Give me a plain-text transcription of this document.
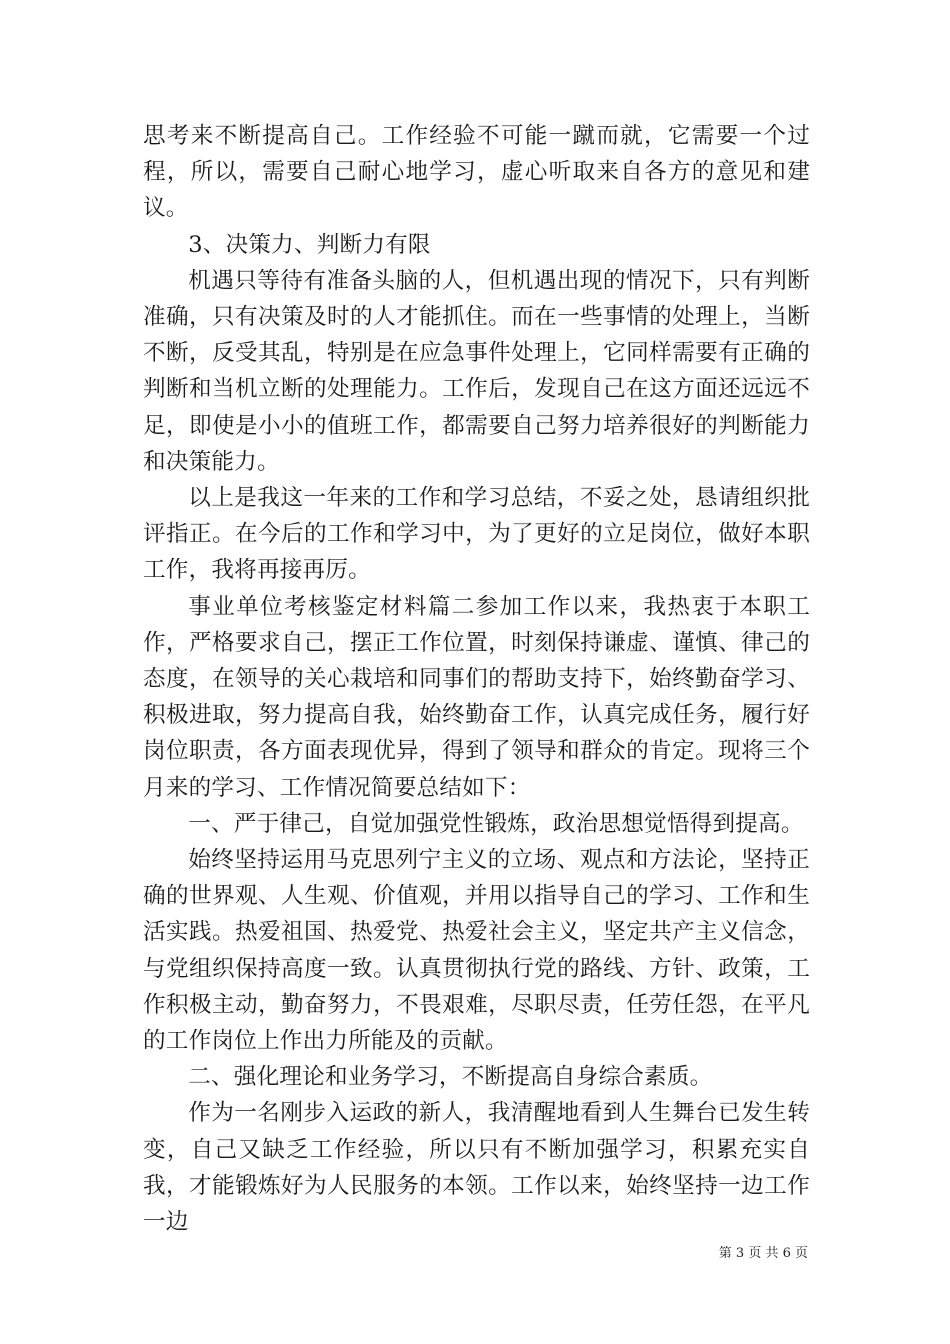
思考来不断提高自己。工作经验不可能一蹴而就，它需要一个过程，所以，需要自己耐心地学习，虚心听取来自各方的意见和建议。

3、决策力、判断力有限

机遇只等待有准备头脑的人，但机遇出现的情况下，只有判断准确，只有决策及时的人才能抓住。而在一些事情的处理上，当断不断，反受其乱，特别是在应急事件处理上，它同样需要有正确的判断和当机立断的处理能力。工作后，发现自己在这方面还远远不足，即使是小小的值班工作，都需要自己努力培养很好的判断能力和决策能力。

以上是我这一年来的工作和学习总结，不妥之处，恳请组织批评指正。在今后的工作和学习中，为了更好的立足岗位，做好本职工作，我将再接再厉。

事业单位考核鉴定材料篇二参加工作以来，我热衷于本职工作，严格要求自己，摆正工作位置，时刻保持谦虚、谨慎、律己的态度，在领导的关心栽培和同事们的帮助支持下，始终勤奋学习、积极进取，努力提高自我，始终勤奋工作，认真完成任务，履行好岗位职责，各方面表现优异，得到了领导和群众的肯定。现将三个月来的学习、工作情况简要总结如下：

一、严于律己，自觉加强党性锻炼，政治思想觉悟得到提高。

始终坚持运用马克思列宁主义的立场、观点和方法论，坚持正确的世界观、人生观、价值观，并用以指导自己的学习、工作和生活实践。热爱祖国、热爱党、热爱社会主义，坚定共产主义信念，与党组织保持高度一致。认真贯彻执行党的路线、方针、政策，工作积极主动，勤奋努力，不畏艰难，尽职尽责，任劳任怨，在平凡的工作岗位上作出力所能及的贡献。

二、强化理论和业务学习，不断提高自身综合素质。

作为一名刚步入运政的新人，我清醒地看到人生舞台已发生转变，自己又缺乏工作经验，所以只有不断加强学习，积累充实自我，才能锻炼好为人民服务的本领。工作以来，始终坚持一边工作一边

第 3 页 共 6 页
